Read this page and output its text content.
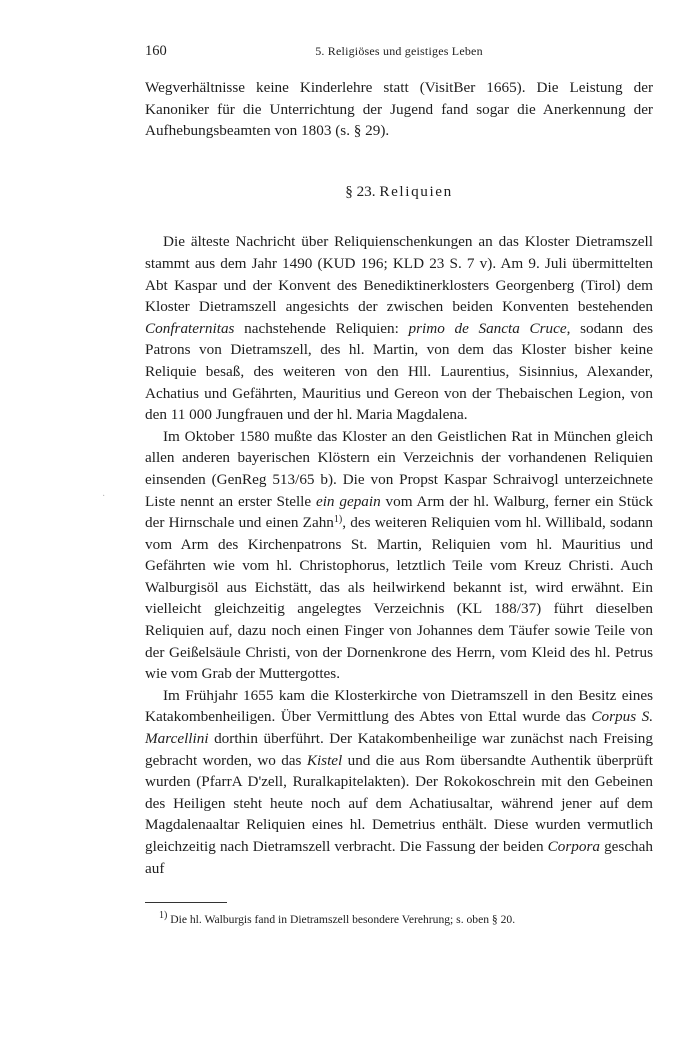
160	5. Religiöses und geistiges Leben
·

Wegverhältnisse keine Kinderlehre statt (VisitBer 1665). Die Leistung der Kanoniker für die Unterrichtung der Jugend fand sogar die Anerkennung der Aufhebungsbeamten von 1803 (s. § 29).

§ 23. Reliquien

Die älteste Nachricht über Reliquienschenkungen an das Kloster Dietramszell stammt aus dem Jahr 1490 (KUD 196; KLD 23 S. 7 v). Am 9. Juli übermittelten Abt Kaspar und der Konvent des Benediktinerklosters Georgenberg (Tirol) dem Kloster Dietramszell angesichts der zwischen beiden Konventen bestehenden Confraternitas nachstehende Reliquien: primo de Sancta Cruce, sodann des Patrons von Dietramszell, des hl. Martin, von dem das Kloster bisher keine Reliquie besaß, des weiteren von den Hll. Laurentius, Sisinnius, Alexander, Achatius und Gefährten, Mauritius und Gereon von der Thebaischen Legion, von den 11 000 Jungfrauen und der hl. Maria Magdalena.

Im Oktober 1580 mußte das Kloster an den Geistlichen Rat in München gleich allen anderen bayerischen Klöstern ein Verzeichnis der vorhandenen Reliquien einsenden (GenReg 513/65 b). Die von Propst Kaspar Schraivogl unterzeichnete Liste nennt an erster Stelle ein gepain vom Arm der hl. Walburg, ferner ein Stück der Hirnschale und einen Zahn$^{1)}$, des weiteren Reliquien vom hl. Willibald, sodann vom Arm des Kirchenpatrons St. Martin, Reliquien vom hl. Mauritius und Gefährten wie vom hl. Christophorus, letztlich Teile vom Kreuz Christi. Auch Walburgisöl aus Eichstätt, das als heilwirkend bekannt ist, wird erwähnt. Ein vielleicht gleichzeitig angelegtes Verzeichnis (KL 188/37) führt dieselben Reliquien auf, dazu noch einen Finger von Johannes dem Täufer sowie Teile von der Geißelsäule Christi, von der Dornenkrone des Herrn, vom Kleid des hl. Petrus wie vom Grab der Muttergottes.

Im Frühjahr 1655 kam die Klosterkirche von Dietramszell in den Besitz eines Katakombenheiligen. Über Vermittlung des Abtes von Ettal wurde das Corpus S. Marcellini dorthin überführt. Der Katakombenheilige war zunächst nach Freising gebracht worden, wo das Kistel und die aus Rom übersandte Authentik überprüft wurden (PfarrA D'zell, Ruralkapitelakten). Der Rokokoschrein mit den Gebeinen des Heiligen steht heute noch auf dem Achatiusaltar, während jener auf dem Magdalenaaltar Reliquien eines hl. Demetrius enthält. Diese wurden vermutlich gleichzeitig nach Dietramszell verbracht. Die Fassung der beiden Corpora geschah auf

$^{1)}$ Die hl. Walburgis fand in Dietramszell besondere Verehrung; s. oben § 20.
